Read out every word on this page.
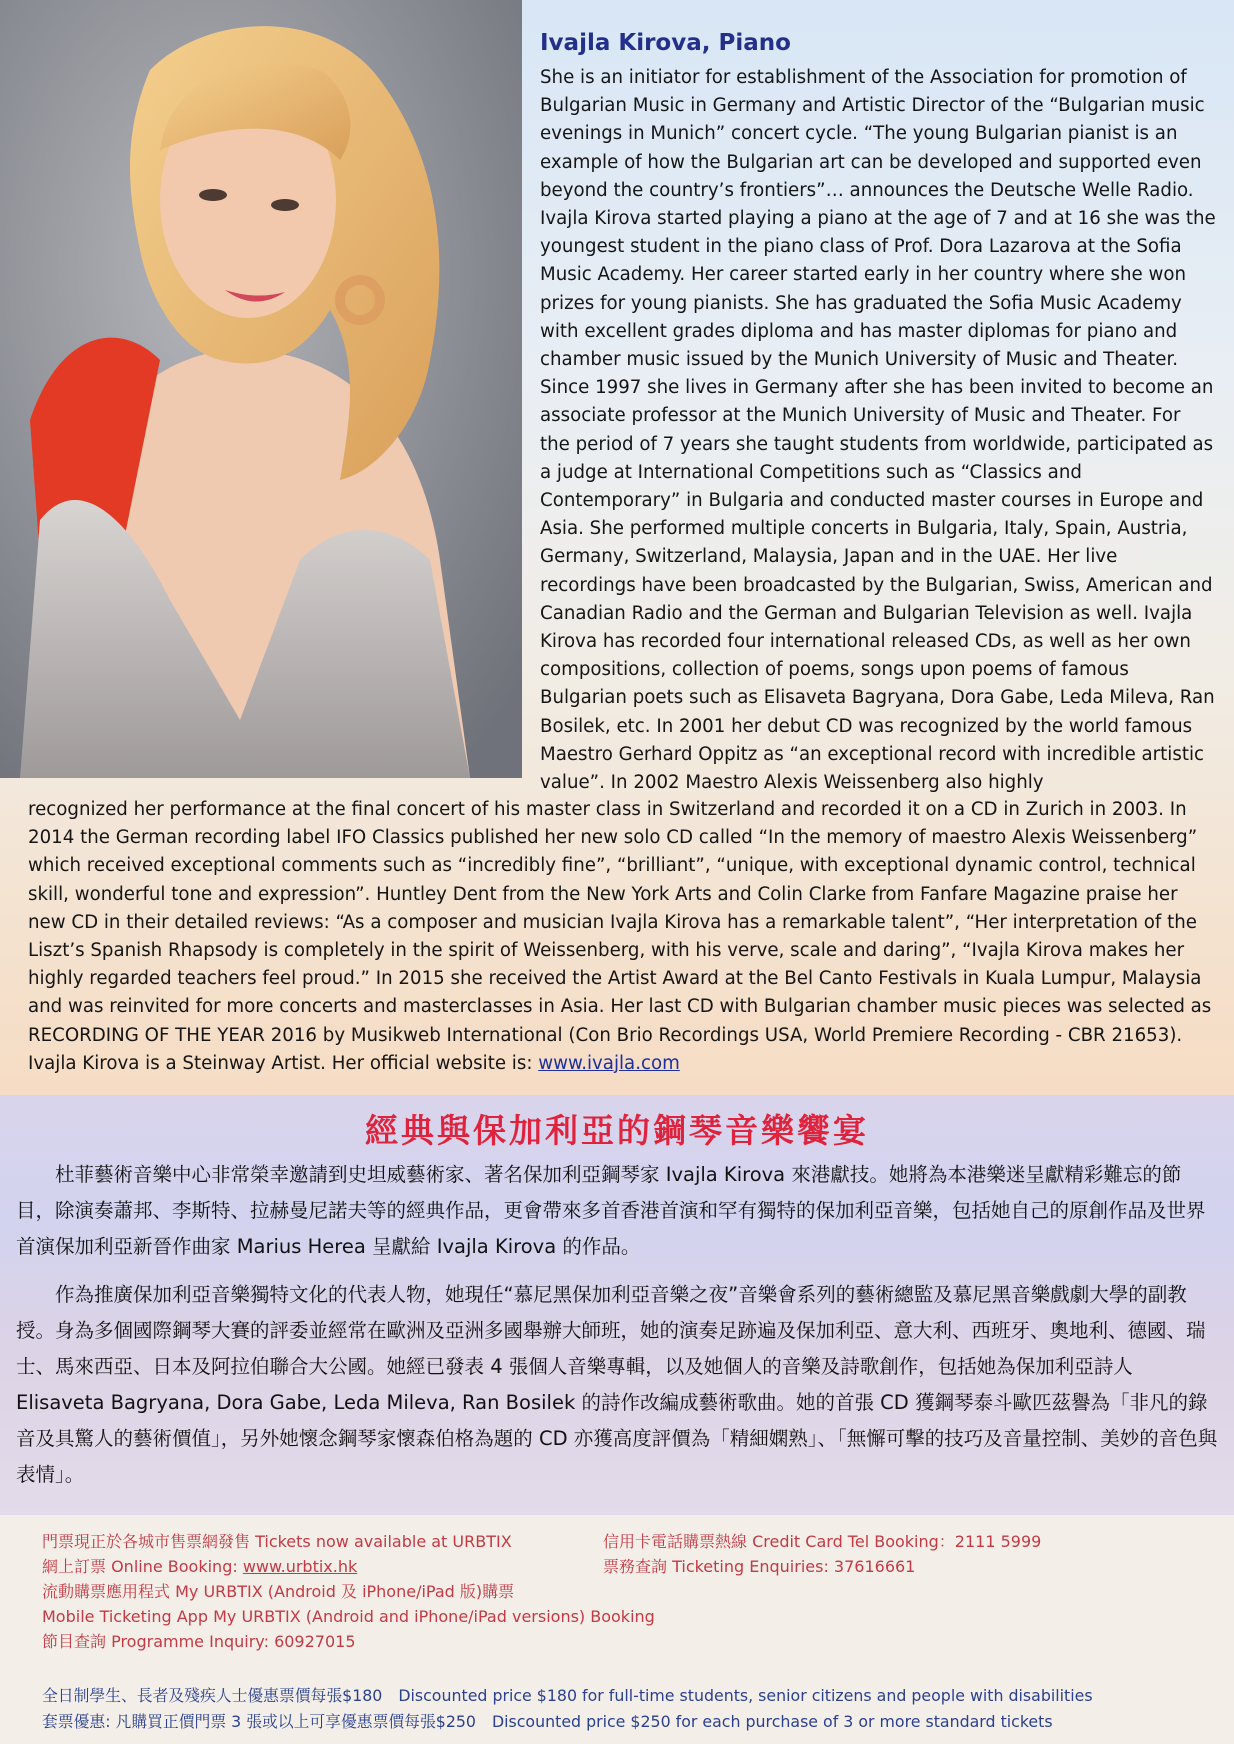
Ivajla Kirova, Piano

She is an initiator for establishment of the Association for promotion of Bulgarian Music in Germany and Artistic Director of the “Bulgarian music evenings in Munich” concert cycle. “The young Bulgarian pianist is an example of how the Bulgarian art can be developed and supported even beyond the country’s frontiers”… announces the Deutsche Welle Radio. Ivajla Kirova started playing a piano at the age of 7 and at 16 she was the youngest student in the piano class of Prof. Dora Lazarova at the Sofia Music Academy. Her career started early in her country where she won prizes for young pianists. She has graduated the Sofia Music Academy with excellent grades diploma and has master diplomas for piano and chamber music issued by the Munich University of Music and Theater. Since 1997 she lives in Germany after she has been invited to become an associate professor at the Munich University of Music and Theater. For the period of 7 years she taught students from worldwide, participated as a judge at International Competitions such as “Classics and Contemporary” in Bulgaria and conducted master courses in Europe and Asia. She performed multiple concerts in Bulgaria, Italy, Spain, Austria, Germany, Switzerland, Malaysia, Japan and in the UAE. Her live recordings have been broadcasted by the Bulgarian, Swiss, American and Canadian Radio and the German and Bulgarian Television as well. Ivajla Kirova has recorded four international released CDs, as well as her own compositions, collection of poems, songs upon poems of famous Bulgarian poets such as Elisaveta Bagryana, Dora Gabe, Leda Mileva, Ran Bosilek, etc. In 2001 her debut CD was recognized by the world famous Maestro Gerhard Oppitz as “an exceptional record with incredible artistic value”. In 2002 Maestro Alexis Weissenberg also highly

recognized her performance at the final concert of his master class in Switzerland and recorded it on a CD in Zurich in 2003. In 2014 the German recording label IFO Classics published her new solo CD called “In the memory of maestro Alexis Weissenberg” which received exceptional comments such as “incredibly fine”, “brilliant”, “unique, with exceptional dynamic control, technical skill, wonderful tone and expression”. Huntley Dent from the New York Arts and Colin Clarke from Fanfare Magazine praise her new CD in their detailed reviews: “As a composer and musician Ivajla Kirova has a remarkable talent”, “Her interpretation of the Liszt’s Spanish Rhapsody is completely in the spirit of Weissenberg, with his verve, scale and daring”, “Ivajla Kirova makes her highly regarded teachers feel proud.” In 2015 she received the Artist Award at the Bel Canto Festivals in Kuala Lumpur, Malaysia and was reinvited for more concerts and masterclasses in Asia. Her last CD with Bulgarian chamber music pieces was selected as RECORDING OF THE YEAR 2016 by Musikweb International (Con Brio Recordings USA, World Premiere Recording - CBR 21653). Ivajla Kirova is a Steinway Artist. Her official website is: www.ivajla.com

經典與保加利亞的鋼琴音樂饗宴

杜菲藝術音樂中心非常榮幸邀請到史坦威藝術家、著名保加利亞鋼琴家 Ivajla Kirova 來港獻技。她將為本港樂迷呈獻精彩難忘的節目，除演奏蕭邦、李斯特、拉赫曼尼諾夫等的經典作品，更會帶來多首香港首演和罕有獨特的保加利亞音樂，包括她自己的原創作品及世界首演保加利亞新晉作曲家 Marius Herea 呈獻給 Ivajla Kirova 的作品。

作為推廣保加利亞音樂獨特文化的代表人物，她現任“慕尼黑保加利亞音樂之夜”音樂會系列的藝術總監及慕尼黑音樂戲劇大學的副教授。身為多個國際鋼琴大賽的評委並經常在歐洲及亞洲多國舉辦大師班，她的演奏足跡遍及保加利亞、意大利、西班牙、奧地利、德國、瑞士、馬來西亞、日本及阿拉伯聯合大公國。她經已發表 4 張個人音樂專輯，以及她個人的音樂及詩歌創作，包括她為保加利亞詩人 Elisaveta Bagryana, Dora Gabe, Leda Mileva, Ran Bosilek 的詩作改編成藝術歌曲。她的首張 CD 獲鋼琴泰斗歐匹茲譽為「非凡的錄音及具驚人的藝術價值」，另外她懷念鋼琴家懷森伯格為題的 CD 亦獲高度評價為「精細嫻熟」、「無懈可擊的技巧及音量控制、美妙的音色與表情」。

門票現正於各城市售票網發售 Tickets now available at URBTIX
網上訂票 Online Booking: www.urbtix.hk
流動購票應用程式 My URBTIX (Android 及 iPhone/iPad 版)購票
Mobile Ticketing App My URBTIX (Android and iPhone/iPad versions) Booking
節目查詢 Programme Inquiry: 60927015
信用卡電話購票熱線 Credit Card Tel Booking：2111 5999
票務查詢 Ticketing Enquiries: 37616661
全日制學生、長者及殘疾人士優惠票價每張$180 Discounted price $180 for full-time students, senior citizens and people with disabilities
套票優惠: 凡購買正價門票 3 張或以上可享優惠票價每張$250 Discounted price $250 for each purchase of 3 or more standard tickets
